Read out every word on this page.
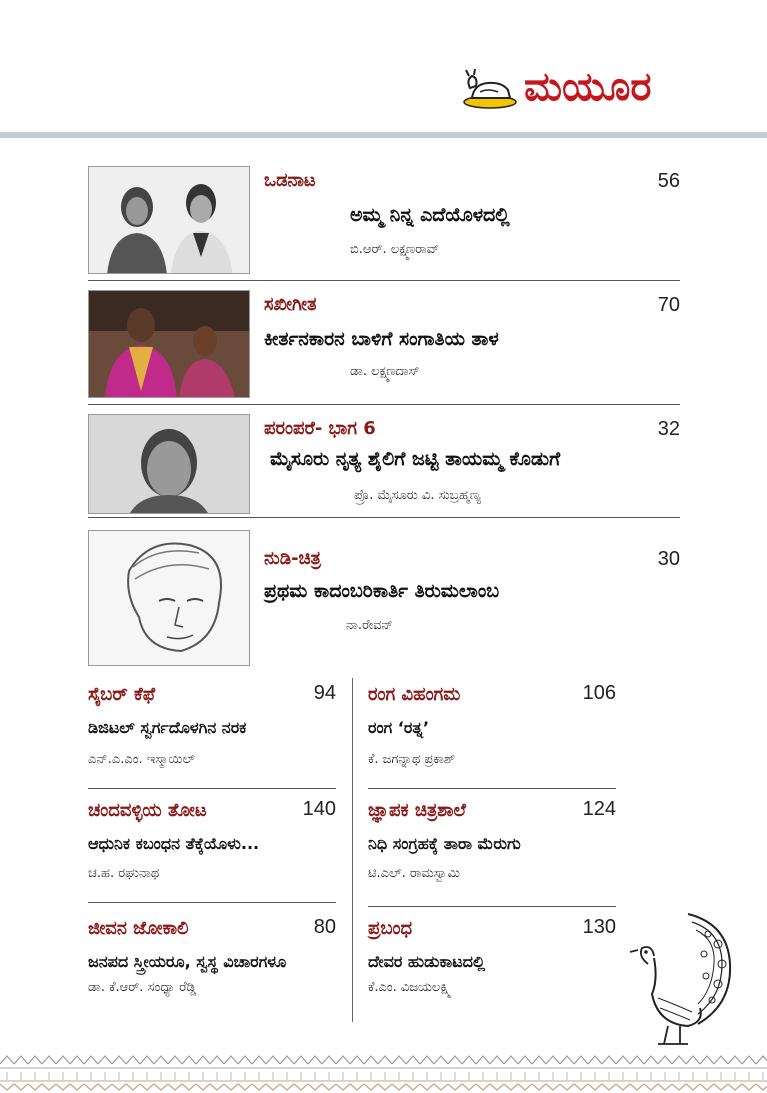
ಮಯೂರ
ಒಡನಾಟ	56
ಅಮ್ಮ ನಿನ್ನ ಎದೆಯೊಳದಲ್ಲಿ
ಬಿ.ಆರ್. ಲಕ್ಷ್ಮಣರಾವ್
ಸಖೀಗೀತ	70
ಕೀರ್ತನಕಾರನ ಬಾಳಿಗೆ ಸಂಗಾತಿಯ ತಾಳ
ಡಾ. ಲಕ್ಷ್ಮಣದಾಸ್
ಪರಂಪರೆ- ಭಾಗ 6	32
ಮೈಸೂರು ನೃತ್ಯ ಶೈಲಿಗೆ ಜಟ್ಟಿ ತಾಯಮ್ಮ ಕೊಡುಗೆ
ಪ್ರೊ. ಮೈಸೂರು ವಿ. ಸುಬ್ರಹ್ಮಣ್ಯ
ನುಡಿ-ಚಿತ್ರ	30
ಪ್ರಥಮ ಕಾದಂಬರಿಕಾರ್ತಿ ತಿರುಮಲಾಂಬ
ನಾ.ರೇವನ್
ಸೈಬರ್ ಕೆಫೆ	94
ಡಿಜಿಟಲ್ ಸ್ವರ್ಗದೊಳಗಿನ ನರಕ
ಎನ್.ಎ.ಎಂ. ಇಸ್ಮಾಯಿಲ್
ಚಂದವಳ್ಳಿಯ ತೋಟ	140
ಆಧುನಿಕ ಕಬಂಧನ ತೆಕ್ಕೆಯೊಳು...
ಚ.ಹ. ರಘುನಾಥ
ಜೀವನ ಜೋಕಾಲಿ	80
ಜನಪದ ಸ್ತ್ರೀಯರೂ, ಸ್ವಸ್ಥ ವಿಚಾರಗಳೂ
ಡಾ. ಕೆ.ಆರ್. ಸಂಧ್ಯಾ ರೆಡ್ಡಿ
ರಂಗ ವಿಹಂಗಮ	106
ರಂಗ ‘ರತ್ನ’
ಕೆ. ಜಗನ್ನಾಥ ಪ್ರಕಾಶ್
ಜ್ಞಾಪಕ ಚಿತ್ರಶಾಲೆ	124
ನಿಧಿ ಸಂಗ್ರಹಕ್ಕೆ ತಾರಾ ಮೆರುಗು
ಟಿ.ಎಲ್. ರಾಮಸ್ವಾಮಿ
ಪ್ರಬಂಧ	130
ದೇವರ ಹುಡುಕಾಟದಲ್ಲಿ
ಕೆ.ಎಂ. ವಿಜಯಲಕ್ಷ್ಮಿ
